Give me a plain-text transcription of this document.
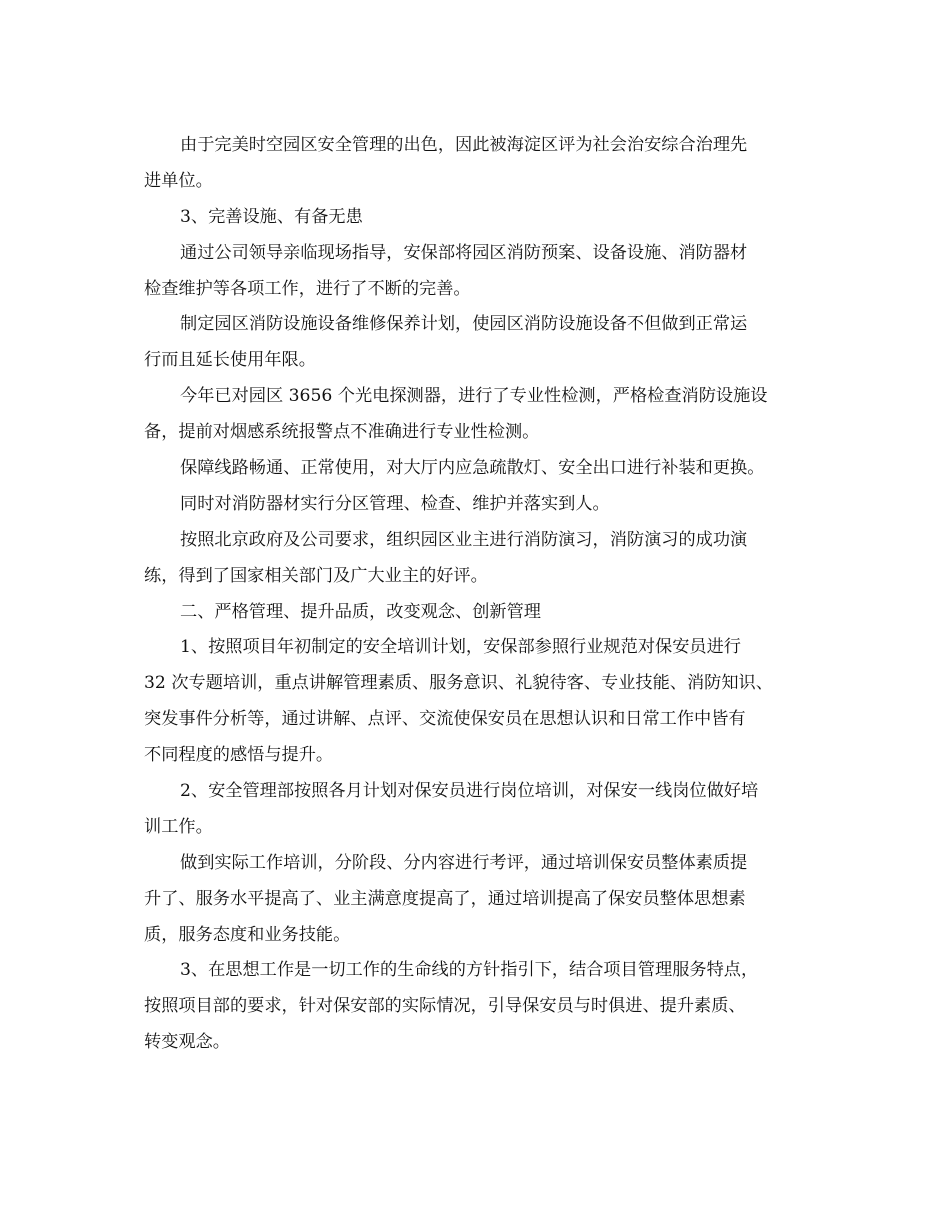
由于完美时空园区安全管理的出色，因此被海淀区评为社会治安综合治理先
进单位。
3、完善设施、有备无患
通过公司领导亲临现场指导，安保部将园区消防预案、设备设施、消防器材
检查维护等各项工作，进行了不断的完善。
制定园区消防设施设备维修保养计划，使园区消防设施设备不但做到正常运
行而且延长使用年限。
今年已对园区 3656 个光电探测器，进行了专业性检测，严格检查消防设施设
备，提前对烟感系统报警点不准确进行专业性检测。
保障线路畅通、正常使用，对大厅内应急疏散灯、安全出口进行补装和更换。
同时对消防器材实行分区管理、检查、维护并落实到人。
按照北京政府及公司要求，组织园区业主进行消防演习，消防演习的成功演
练，得到了国家相关部门及广大业主的好评。
二、严格管理、提升品质，改变观念、创新管理
1、按照项目年初制定的安全培训计划，安保部参照行业规范对保安员进行
32 次专题培训，重点讲解管理素质、服务意识、礼貌待客、专业技能、消防知识、
突发事件分析等，通过讲解、点评、交流使保安员在思想认识和日常工作中皆有
不同程度的感悟与提升。
2、安全管理部按照各月计划对保安员进行岗位培训，对保安一线岗位做好培
训工作。
做到实际工作培训，分阶段、分内容进行考评，通过培训保安员整体素质提
升了、服务水平提高了、业主满意度提高了，通过培训提高了保安员整体思想素
质，服务态度和业务技能。
3、在思想工作是一切工作的生命线的方针指引下，结合项目管理服务特点，
按照项目部的要求，针对保安部的实际情况，引导保安员与时俱进、提升素质、
转变观念。
